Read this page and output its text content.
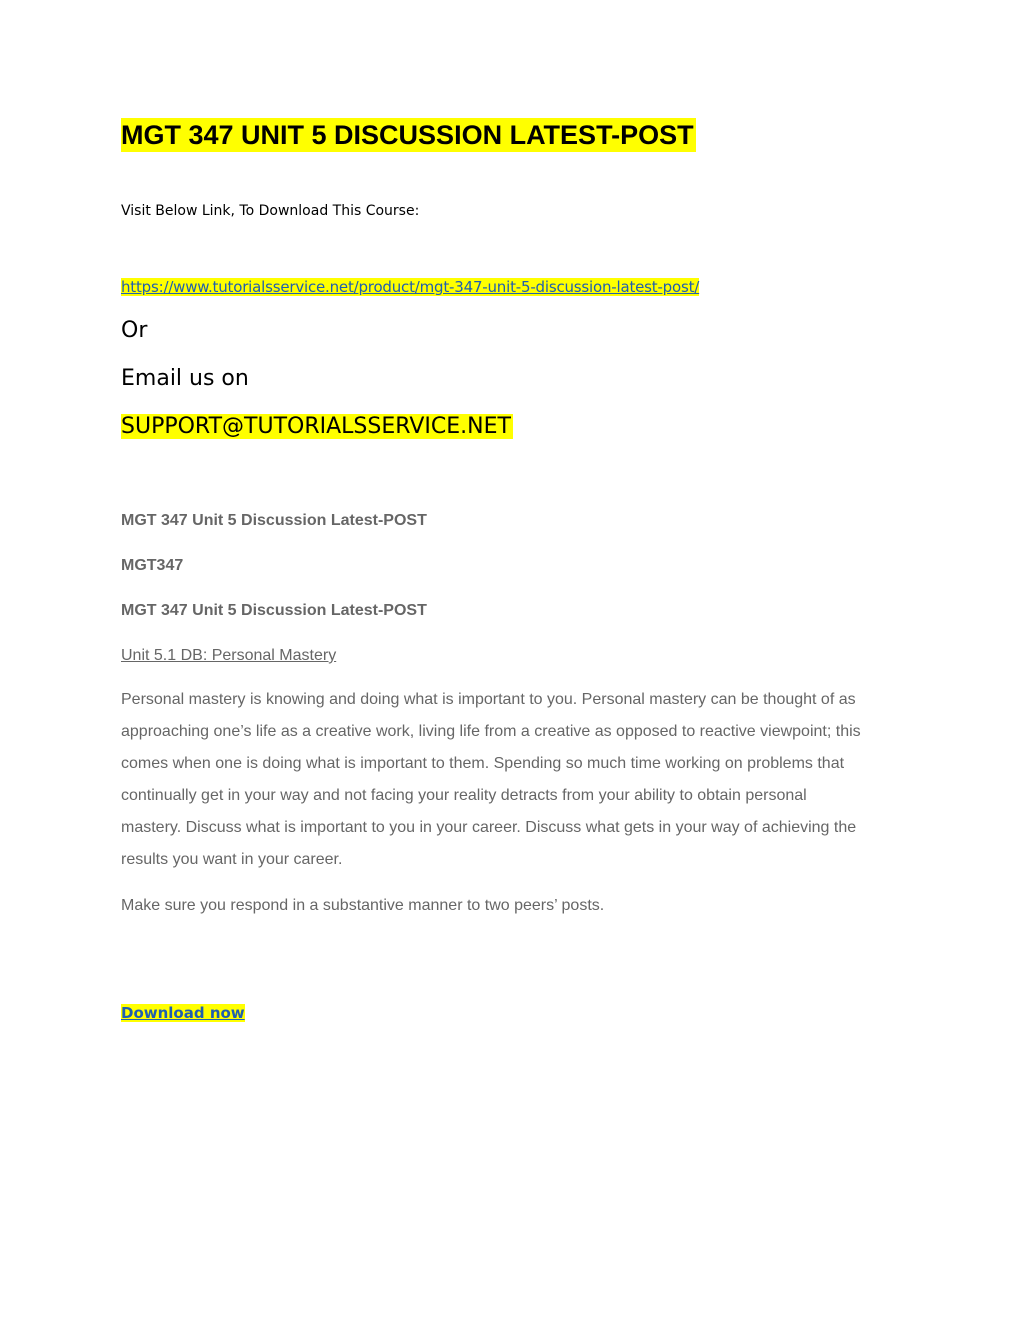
MGT 347 UNIT 5 DISCUSSION LATEST-POST
Visit Below Link, To Download This Course:
https://www.tutorialsservice.net/product/mgt-347-unit-5-discussion-latest-post/
Or
Email us on
SUPPORT@TUTORIALSSERVICE.NET
MGT 347 Unit 5 Discussion Latest-POST
MGT347
MGT 347 Unit 5 Discussion Latest-POST
Unit 5.1 DB: Personal Mastery
Personal mastery is knowing and doing what is important to you. Personal mastery can be thought of as
approaching one’s life as a creative work, living life from a creative as opposed to reactive viewpoint; this
comes when one is doing what is important to them. Spending so much time working on problems that
continually get in your way and not facing your reality detracts from your ability to obtain personal
mastery. Discuss what is important to you in your career. Discuss what gets in your way of achieving the
results you want in your career.
Make sure you respond in a substantive manner to two peers’ posts.
Download now
